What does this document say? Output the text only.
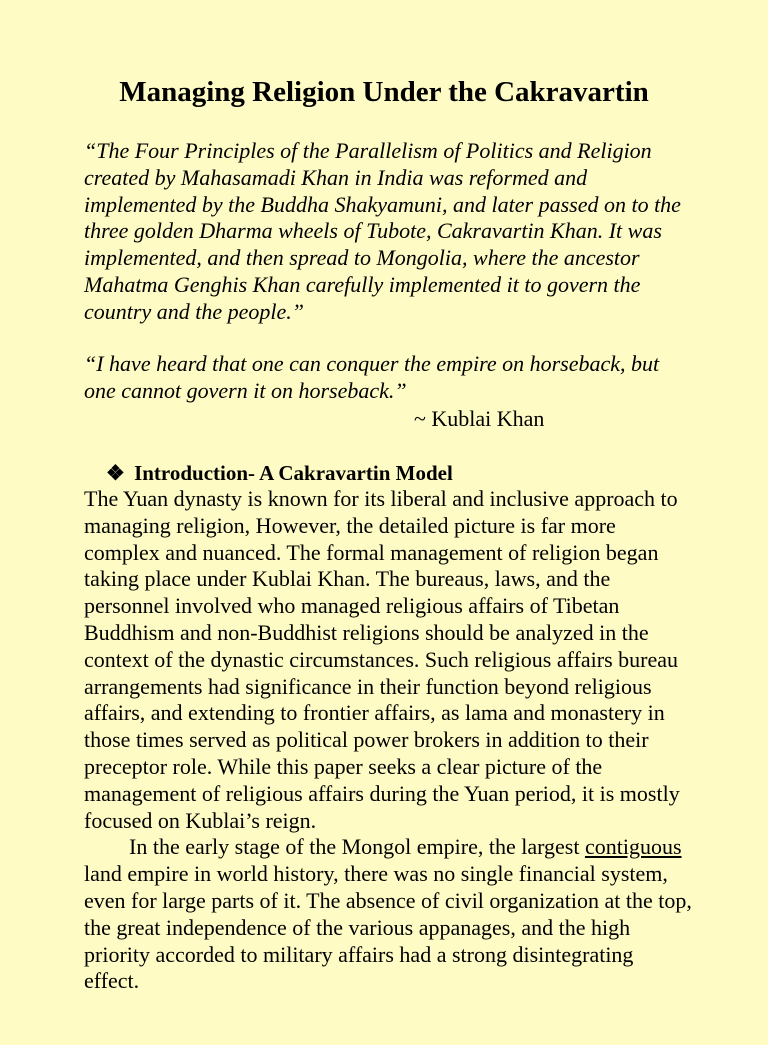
Managing Religion Under the Cakravartin

“The Four Principles of the Parallelism of Politics and Religion created by Mahasamadi Khan in India was reformed and implemented by the Buddha Shakyamuni, and later passed on to the three golden Dharma wheels of Tubote, Cakravartin Khan. It was implemented, and then spread to Mongolia, where the ancestor Mahatma Genghis Khan carefully implemented it to govern the country and the people.”

“I have heard that one can conquer the empire on horseback, but one cannot govern it on horseback.”

~ Kublai Khan

❖ Introduction- A Cakravartin Model

The Yuan dynasty is known for its liberal and inclusive approach to managing religion, However, the detailed picture is far more complex and nuanced. The formal management of religion began taking place under Kublai Khan. The bureaus, laws, and the personnel involved who managed religious affairs of Tibetan Buddhism and non-Buddhist religions should be analyzed in the context of the dynastic circumstances. Such religious affairs bureau arrangements had significance in their function beyond religious affairs, and extending to frontier affairs, as lama and monastery in those times served as political power brokers in addition to their preceptor role. While this paper seeks a clear picture of the management of religious affairs during the Yuan period, it is mostly focused on Kublai’s reign.

In the early stage of the Mongol empire, the largest contiguous land empire in world history, there was no single financial system, even for large parts of it. The absence of civil organization at the top, the great independence of the various appanages, and the high priority accorded to military affairs had a strong disintegrating effect.
